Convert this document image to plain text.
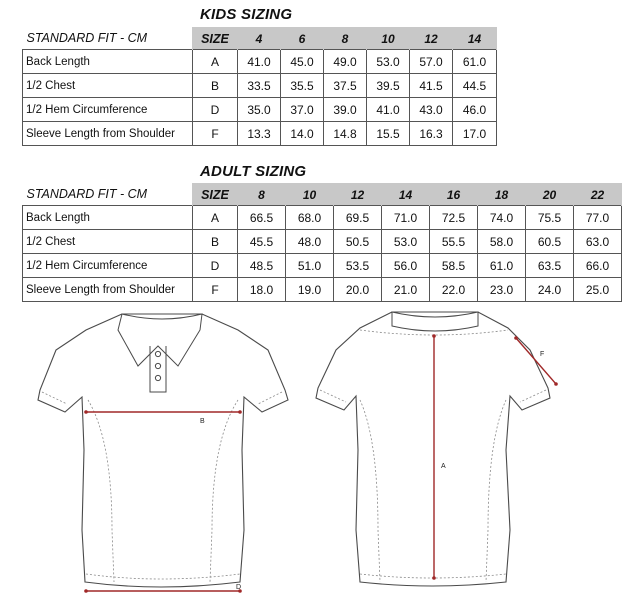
KIDS SIZING
STANDARD FIT - CM	SIZE	4	6	8	10	12	14
Back Length	A	41.0	45.0	49.0	53.0	57.0	61.0
1/2 Chest	B	33.5	35.5	37.5	39.5	41.5	44.5
1/2 Hem Circumference	D	35.0	37.0	39.0	41.0	43.0	46.0
Sleeve Length from Shoulder	F	13.3	14.0	14.8	15.5	16.3	17.0
ADULT SIZING
STANDARD FIT - CM	SIZE	8	10	12	14	16	18	20	22
Back Length	A	66.5	68.0	69.5	71.0	72.5	74.0	75.5	77.0
1/2 Chest	B	45.5	48.0	50.5	53.0	55.5	58.0	60.5	63.0
1/2 Hem Circumference	D	48.5	51.0	53.5	56.0	58.5	61.0	63.5	66.0
Sleeve Length from Shoulder	F	18.0	19.0	20.0	21.0	22.0	23.0	24.0	25.0
B
D
A
F
